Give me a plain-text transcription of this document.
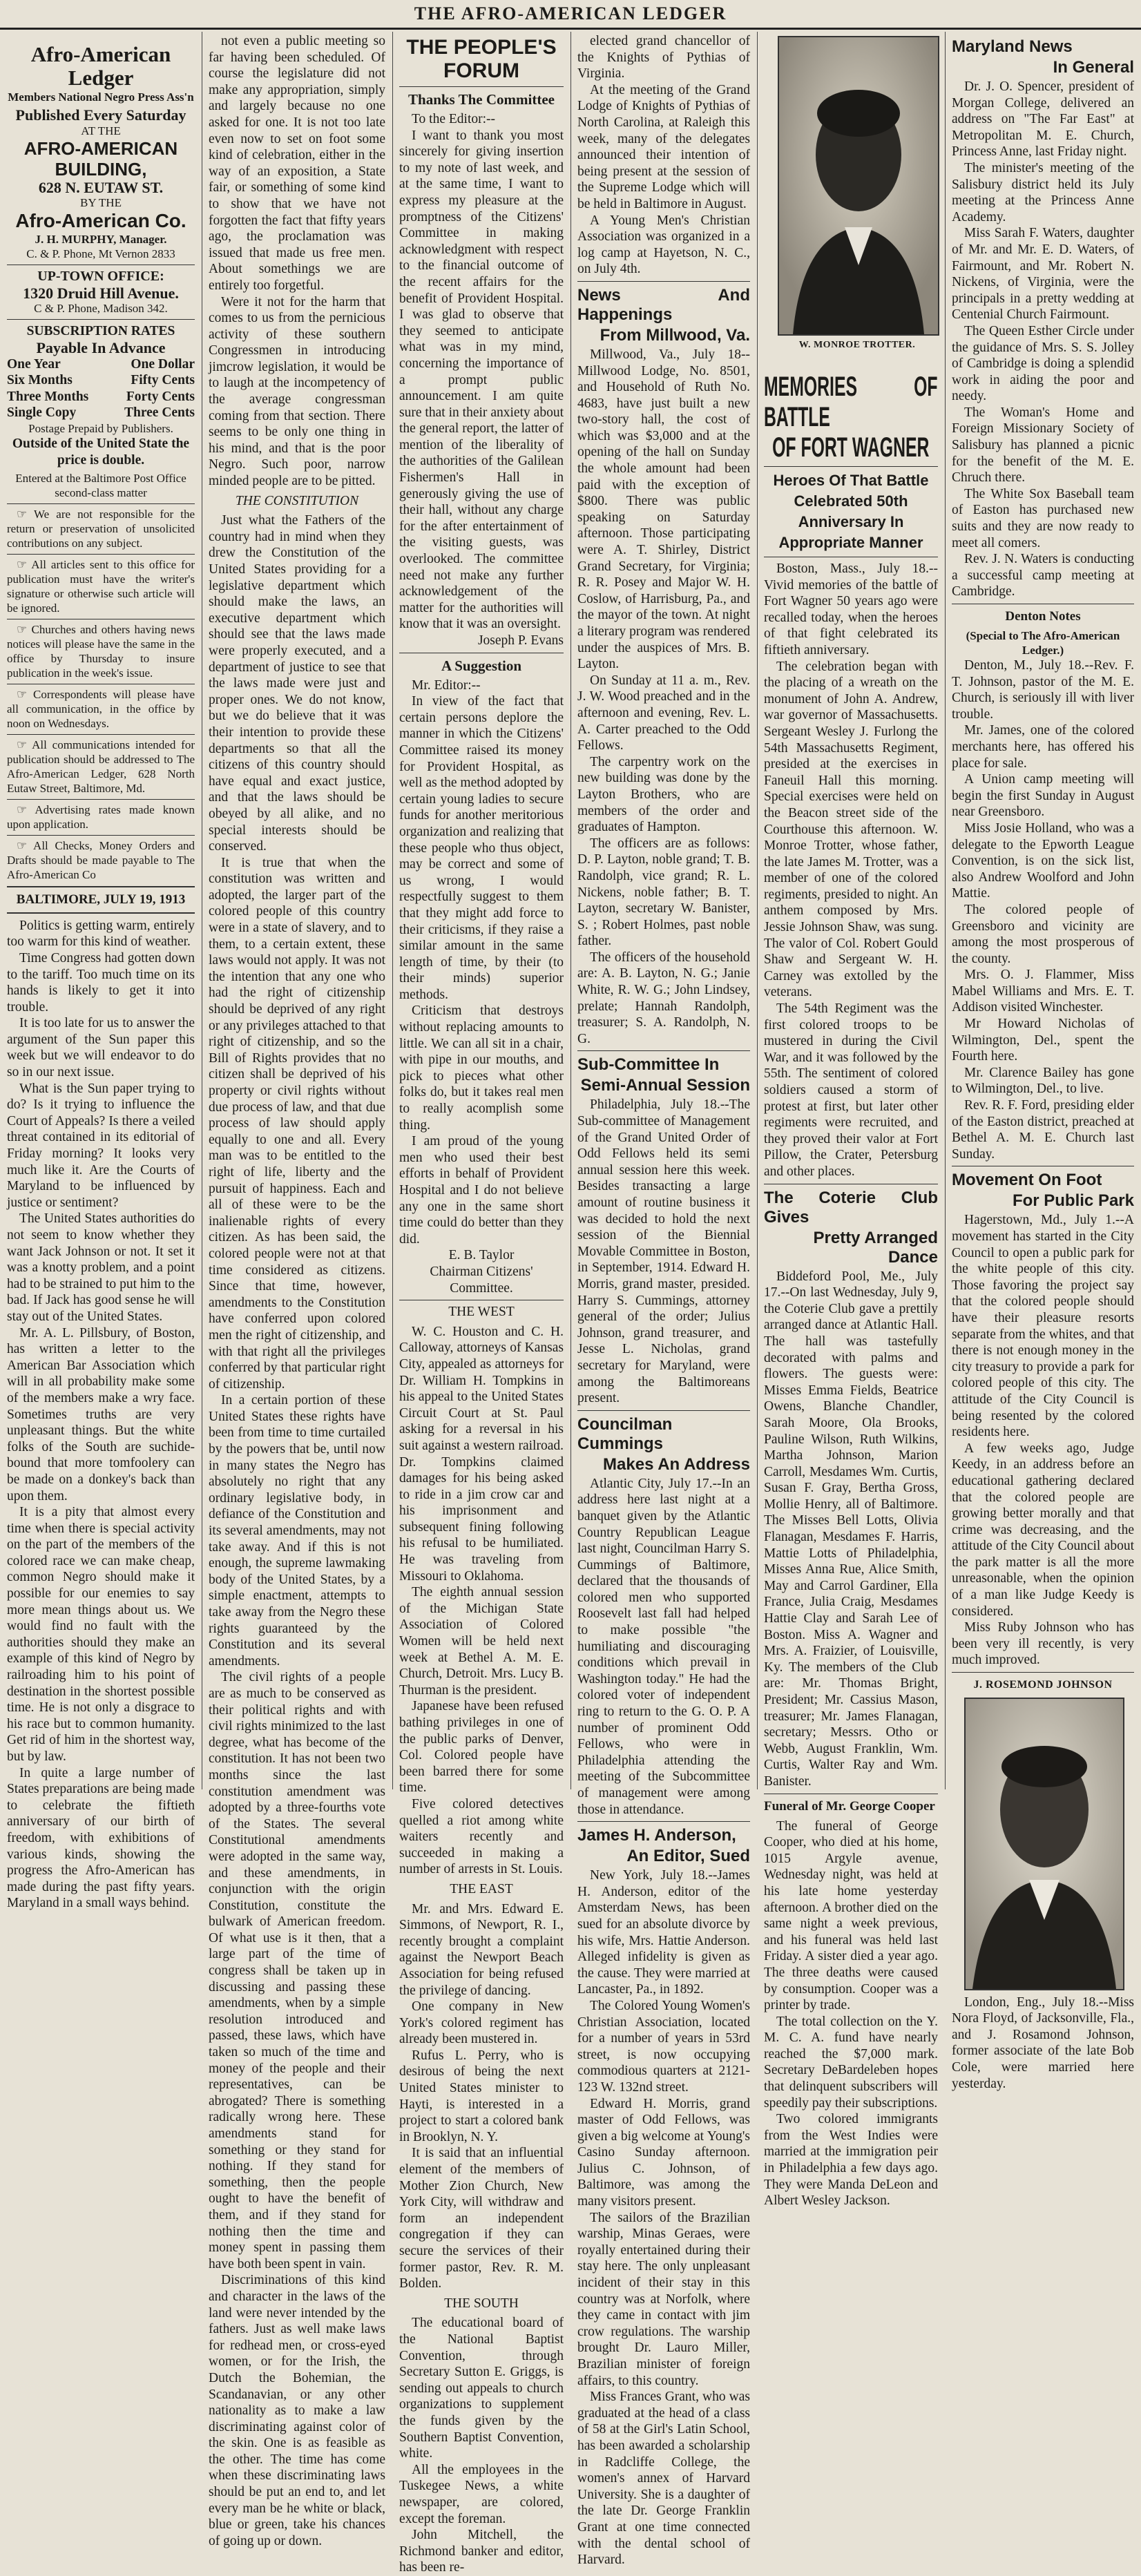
THE AFRO-AMERICAN LEDGER
Afro-American Ledger
Members National Negro Press Ass'n
Published Every Saturday
AT THE
AFRO-AMERICAN BUILDING,
628 N. EUTAW ST.
BY THE
Afro-American Co.
J. H. MURPHY, Manager.
C. & P. Phone, Mt Vernon 2833
UP-TOWN OFFICE:
1320 Druid Hill Avenue.
C & P. Phone, Madison 342.
SUBSCRIPTION RATES
Payable In Advance
One Year	One Dollar
Six Months	Fifty Cents
Three Months	Forty Cents
Single Copy	Three Cents
Postage Prepaid by Publishers.
Outside of the United State the price is double.
Entered at the Baltimore Post Office second-class matter

☞ We are not responsible for the return or preservation of unsolicited contributions on any subject.

☞ All articles sent to this office for publication must have the writer's signature or otherwise such article will be ignored.

☞ Churches and others having news notices will please have the same in the office by Thursday to insure publication in the week's issue.

☞ Correspondents will please have all communication, in the office by noon on Wednesdays.

☞ All communications intended for publication should be addressed to The Afro-American Ledger, 628 North Eutaw Street, Baltimore, Md.

☞ Advertising rates made known upon application.

☞ All Checks, Money Orders and Drafts should be made payable to The Afro-American Co

BALTIMORE, JULY 19, 1913

Politics is getting warm, entirely too warm for this kind of weather.

Time Congress had gotten down to the tariff. Too much time on its hands is likely to get it into trouble.

It is too late for us to answer the argument of the Sun paper this week but we will endeavor to do so in our next issue.

What is the Sun paper trying to do? Is it trying to influence the Court of Appeals? Is there a veiled threat contained in its editorial of Friday morning? It looks very much like it. Are the Courts of Maryland to be influenced by justice or sentiment?

The United States authorities do not seem to know whether they want Jack Johnson or not. It set it was a knotty problem, and a point had to be strained to put him to the bad. If Jack has good sense he will stay out of the United States.

Mr. A. L. Pillsbury, of Boston, has written a letter to the American Bar Association which will in all probability make some of the members make a wry face. Sometimes truths are very unpleasant things. But the white folks of the South are suchide-bound that more tomfoolery can be made on a donkey's back than upon them.

It is a pity that almost every time when there is special activity on the part of the members of the colored race we can make cheap, common Negro should make it possible for our enemies to say more mean things about us. We would find no fault with the authorities should they make an example of this kind of Negro by railroading him to his point of destination in the shortest possible time. He is not only a disgrace to his race but to common humanity. Get rid of him in the shortest way, but by law.

In quite a large number of States preparations are being made to celebrate the fiftieth anniversary of our birth of freedom, with exhibitions of various kinds, showing the progress the Afro-American has made during the past fifty years. Maryland in a small ways behind.

not even a public meeting so far having been scheduled. Of course the legislature did not make any appropriation, simply and largely because no one asked for one. It is not too late even now to set on foot some kind of celebration, either in the way of an exposition, a State fair, or something of some kind to show that we have not forgotten the fact that fifty years ago, the proclamation was issued that made us free men. About somethings we are entirely too forgetful.

Were it not for the harm that comes to us from the pernicious activity of these southern Congressmen in introducing jimcrow legislation, it would be to laugh at the incompetency of the average congressman coming from that section. There seems to be only one thing in his mind, and that is the poor Negro. Such poor, narrow minded people are to be pitted.

THE CONSTITUTION

Just what the Fathers of the country had in mind when they drew the Constitution of the United States providing for a legislative department which should make the laws, an executive department which should see that the laws made were properly executed, and a department of justice to see that the laws made were just and proper ones. We do not know, but we do believe that it was their intention to provide these departments so that all the citizens of this country should have equal and exact justice, and that the laws should be obeyed by all alike, and no special interests should be conserved.

It is true that when the constitution was written and adopted, the larger part of the colored people of this country were in a state of slavery, and to them, to a certain extent, these laws would not apply. It was not the intention that any one who had the right of citizenship should be deprived of any right or any privileges attached to that right of citizenship, and so the Bill of Rights provides that no citizen shall be deprived of his property or civil rights without due process of law, and that due process of law should apply equally to one and all. Every man was to be entitled to the right of life, liberty and the pursuit of happiness. Each and all of these were to be the inalienable rights of every citizen. As has been said, the colored people were not at that time considered as citizens. Since that time, however, amendments to the Constitution have conferred upon colored men the right of citizenship, and with that right all the privileges conferred by that particular right of citizenship.

In a certain portion of these United States these rights have been from time to time curtailed by the powers that be, until now in many states the Negro has absolutely no right that any ordinary legislative body, in defiance of the Constitution and its several amendments, may not take away. And if this is not enough, the supreme lawmaking body of the United States, by a simple enactment, attempts to take away from the Negro these rights guaranteed by the Constitution and its several amendments.

The civil rights of a people are as much to be conserved as their political rights and with civil rights minimized to the last degree, what has become of the constitution. It has not been two months since the last constitution amendment was adopted by a three-fourths vote of the States. The several Constitutional amendments were adopted in the same way, and these amendments, in conjunction with the origin Constitution, constitute the bulwark of American freedom. Of what use is it then, that a large part of the time of congress shall be taken up in discussing and passing these amendments, when by a simple resolution introduced and passed, these laws, which have taken so much of the time and money of the people and their representatives, can be abrogated? There is something radically wrong here. These amendments stand for something or they stand for nothing. If they stand for something, then the people ought to have the benefit of them, and if they stand for nothing then the time and money spent in passing them have both been spent in vain.

Discriminations of this kind and character in the laws of the land were never intended by the fathers. Just as well make laws for redhead men, or cross-eyed women, or for the Irish, the Dutch the Bohemian, the Scandanavian, or any other nationality as to make a law discriminating against color of the skin. One is as feasible as the other. The time has come when these discriminating laws should be put an end to, and let every man be he white or black, blue or green, take his chances of going up or down.

THE PEOPLE'S FORUM
Thanks The Committee

To the Editor:--

I want to thank you most sincerely for giving insertion to my note of last week, and at the same time, I want to express my pleasure at the promptness of the Citizens' Committee in making acknowledgment with respect to the financial outcome of the recent affairs for the benefit of Provident Hospital. I was glad to observe that they seemed to anticipate what was in my mind, concerning the importance of a prompt public announcement. I am quite sure that in their anxiety about the general report, the latter of mention of the liberality of the authorities of the Galilean Fishermen's Hall in generously giving the use of their hall, without any charge for the after entertainment of the visiting guests, was overlooked. The committee need not make any further acknowledgement of the matter for the authorities will know that it was an oversight.

Joseph P. Evans
A Suggestion

Mr. Editor:--

In view of the fact that certain persons deplore the manner in which the Citizens' Committee raised its money for Provident Hospital, as well as the method adopted by certain young ladies to secure funds for another meritorious organization and realizing that these people who thus object, may be correct and some of us wrong, I would respectfully suggest to them that they might add force to their criticisms, if they raise a similar amount in the same length of time, by their (to their minds) superior methods.

Criticism that destroys without replacing amounts to little. We can all sit in a chair, with pipe in our mouths, and pick to pieces what other folks do, but it takes real men to really acomplish some thing.

I am proud of the young men who used their best efforts in behalf of Provident Hospital and I do not believe any one in the same short time could do better than they did.

E. B. Taylor
Chairman Citizens' Committee.
THE WEST

W. C. Houston and C. H. Calloway, attorneys of Kansas City, appealed as attorneys for Dr. William H. Tompkins in his appeal to the United States Circuit Court at St. Paul asking for a reversal in his suit against a western railroad. Dr. Tompkins claimed damages for his being asked to ride in a jim crow car and his imprisonment and subsequent fining following his refusal to be humiliated. He was traveling from Missouri to Oklahoma.

The eighth annual session of the Michigan State Association of Colored Women will be held next week at Bethel A. M. E. Church, Detroit. Mrs. Lucy B. Thurman is the president.

Japanese have been refused bathing privileges in one of the public parks of Denver, Col. Colored people have been barred there for some time.

Five colored detectives quelled a riot among white waiters recently and succeeded in making a number of arrests in St. Louis.

THE EAST

Mr. and Mrs. Edward E. Simmons, of Newport, R. I., recently brought a complaint against the Newport Beach Association for being refused the privilege of dancing.

One company in New York's colored regiment has already been mustered in.

Rufus L. Perry, who is desirous of being the next United States minister to Hayti, is interested in a project to start a colored bank in Brooklyn, N. Y.

It is said that an influential element of the members of Mother Zion Church, New York City, will withdraw and form an independent congregation if they can secure the services of their former pastor, Rev. R. M. Bolden.

THE SOUTH

The educational board of the National Baptist Convention, through Secretary Sutton E. Griggs, is sending out appeals to church organizations to supplement the funds given by the Southern Baptist Convention, white.

All the employees in the Tuskegee News, a white newspaper, are colored, except the foreman.

John Mitchell, the Richmond banker and editor, has been re-

elected grand chancellor of the Knights of Pythias of Virginia.

At the meeting of the Grand Lodge of Knights of Pythias of North Carolina, at Raleigh this week, many of the delegates announced their intention of being present at the session of the Supreme Lodge which will be held in Baltimore in August.

A Young Men's Christian Association was organized in a log camp at Hayetson, N. C., on July 4th.

News And Happenings
From Millwood, Va.

Millwood, Va., July 18--Millwood Lodge, No. 8501, and Household of Ruth No. 4683, have just built a new two-story hall, the cost of which was $3,000 and at the opening of the hall on Sunday the whole amount had been paid with the exception of $800. There was public speaking on Saturday afternoon. Those participating were A. T. Shirley, District Grand Secretary, for Virginia; R. R. Posey and Major W. H. Coslow, of Harrisburg, Pa., and the mayor of the town. At night a literary program was rendered under the auspices of Mrs. B. Layton.

On Sunday at 11 a. m., Rev. J. W. Wood preached and in the afternoon and evening, Rev. L. A. Carter preached to the Odd Fellows.

The carpentry work on the new building was done by the Layton Brothers, who are members of the order and graduates of Hampton.

The officers are as follows: D. P. Layton, noble grand; T. B. Randolph, vice grand; R. L. Nickens, noble father; B. T. Layton, secretary W. Banister, S. ; Robert Holmes, past noble father.

The officers of the household are: A. B. Layton, N. G.; Janie White, R. W. G.; John Lindsey, prelate; Hannah Randolph, treasurer; S. A. Randolph, N. G.

Sub-Committee In
Semi-Annual Session

Philadelphia, July 18.--The Sub-committee of Management of the Grand United Order of Odd Fellows held its semi annual session here this week. Besides transacting a large amount of routine business it was decided to hold the next session of the Biennial Movable Committee in Boston, in September, 1914. Edward H. Morris, grand master, presided. Harry S. Cummings, attorney general of the order; Julius Johnson, grand treasurer, and Jesse L. Nicholas, grand secretary for Maryland, were among the Baltimoreans present.

Councilman Cummings
Makes An Address

Atlantic City, July 17.--In an address here last night at a banquet given by the Atlantic Country Republican League last night, Councilman Harry S. Cummings of Baltimore, declared that the thousands of colored men who supported Roosevelt last fall had helped to make possible "the humiliating and discouraging conditions which prevail in Washington today." He had the colored voter of independent ring to return to the G. O. P. A number of prominent Odd Fellows, who were in Philadelphia attending the meeting of the Subcommittee of management were among those in attendance.

James H. Anderson,
An Editor, Sued

New York, July 18.--James H. Anderson, editor of the Amsterdam News, has been sued for an absolute divorce by his wife, Mrs. Hattie Anderson. Alleged infidelity is given as the cause. They were married at Lancaster, Pa., in 1892.

The Colored Young Women's Christian Association, located for a number of years in 53rd street, is now occupying commodious quarters at 2121-123 W. 132nd street.

Edward H. Morris, grand master of Odd Fellows, was given a big welcome at Young's Casino Sunday afternoon. Julius C. Johnson, of Baltimore, was among the many visitors present.

The sailors of the Brazilian warship, Minas Geraes, were royally entertained during their stay here. The only unpleasant incident of their stay in this country was at Norfolk, where they came in contact with jim crow regulations. The warship brought Dr. Lauro Miller, Brazilian minister of foreign affairs, to this country.

Miss Frances Grant, who was graduated at the head of a class of 58 at the Girl's Latin School, has been awarded a scholarship in Radcliffe College, the women's annex of Harvard University. She is a daughter of the late Dr. George Franklin Grant at one time connected with the dental school of Harvard.

W. MONROE TROTTER.
MEMORIES OF BATTLE
OF FORT WAGNER
Heroes Of That Battle Celebrated 50th Anniversary In Appropriate Manner

Boston, Mass., July 18.--Vivid memories of the battle of Fort Wagner 50 years ago were recalled today, when the heroes of that fight celebrated its fiftieth anniversary.

The celebration began with the placing of a wreath on the monument of John A. Andrew, war governor of Massachusetts. Sergeant Wesley J. Furlong the 54th Massachusetts Regiment, presided at the exercises in Faneuil Hall this morning. Special exercises were held on the Beacon street side of the Courthouse this afternoon. W. Monroe Trotter, whose father, the late James M. Trotter, was a member of one of the colored regiments, presided to night. An anthem composed by Mrs. Jessie Johnson Shaw, was sung. The valor of Col. Robert Gould Shaw and Sergeant W. H. Carney was extolled by the veterans.

The 54th Regiment was the first colored troops to be mustered in during the Civil War, and it was followed by the 55th. The sentiment of colored soldiers caused a storm of protest at first, but later other regiments were recruited, and they proved their valor at Fort Pillow, the Crater, Petersburg and other places.

The Coterie Club Gives
Pretty Arranged Dance

Biddeford Pool, Me., July 17.--On last Wednesday, July 9, the Coterie Club gave a prettily arranged dance at Atlantic Hall. The hall was tastefully decorated with palms and flowers. The guests were: Misses Emma Fields, Beatrice Owens, Blanche Chandler, Sarah Moore, Ola Brooks, Pauline Wilson, Ruth Wilkins, Martha Johnson, Marion Carroll, Mesdames Wm. Curtis, Susan F. Gray, Bertha Gross, Mollie Henry, all of Baltimore. The Misses Bell Lotts, Olivia Flanagan, Mesdames F. Harris, Mattie Lotts of Philadelphia, Misses Anna Rue, Alice Smith, May and Carrol Gardiner, Ella France, Julia Craig, Mesdames Hattie Clay and Sarah Lee of Boston. Miss A. Wagner and Mrs. A. Fraizier, of Louisville, Ky. The members of the Club are: Mr. Thomas Bright, President; Mr. Cassius Mason, treasurer; Mr. James Flanagan, secretary; Messrs. Otho or Webb, August Franklin, Wm. Curtis, Walter Ray and Wm. Banister.

Funeral of Mr. George Cooper

The funeral of George Cooper, who died at his home, 1015 Argyle avenue, Wednesday night, was held at his late home yesterday afternoon. A brother died on the same night a week previous, and his funeral was held last Friday. A sister died a year ago. The three deaths were caused by consumption. Cooper was a printer by trade.

The total collection on the Y. M. C. A. fund have nearly reached the $7,000 mark. Secretary DeBardeleben hopes that delinquent subscribers will speedily pay their subscriptions.

Two colored immigrants from the West Indies were married at the immigration peir in Philadelphia a few days ago. They were Manda DeLeon and Albert Wesley Jackson.

Maryland News
In General

Dr. J. O. Spencer, president of Morgan College, delivered an address on "The Far East" at Metropolitan M. E. Church, Princess Anne, last Friday night.

The minister's meeting of the Salisbury district held its July meeting at the Princess Anne Academy.

Miss Sarah F. Waters, daughter of Mr. and Mr. E. D. Waters, of Fairmount, and Mr. Robert N. Nickens, of Virginia, were the principals in a pretty wedding at Centenial Church Fairmount.

The Queen Esther Circle under the guidance of Mrs. S. S. Jolley of Cambridge is doing a splendid work in aiding the poor and needy.

The Woman's Home and Foreign Missionary Society of Salisbury has planned a picnic for the benefit of the M. E. Chruch there.

The White Sox Baseball team of Easton has purchased new suits and they are now ready to meet all comers.

Rev. J. N. Waters is conducting a successful camp meeting at Cambridge.

Denton Notes
(Special to The Afro-American Ledger.)

Denton, M., July 18.--Rev. F. T. Johnson, pastor of the M. E. Church, is seriously ill with liver trouble.

Mr. James, one of the colored merchants here, has offered his place for sale.

A Union camp meeting will begin the first Sunday in August near Greensboro.

Miss Josie Holland, who was a delegate to the Epworth League Convention, is on the sick list, also Andrew Woolford and John Mattie.

The colored people of Greensboro and vicinity are among the most prosperous of the county.

Mrs. O. J. Flammer, Miss Mabel Williams and Mrs. E. T. Addison visited Winchester.

Mr Howard Nicholas of Wilmington, Del., spent the Fourth here.

Mr. Clarence Bailey has gone to Wilmington, Del., to live.

Rev. R. F. Ford, presiding elder of the Easton district, preached at Bethel A. M. E. Church last Sunday.

Movement On Foot
For Public Park

Hagerstown, Md., July 1.--A movement has started in the City Council to open a public park for the white people of this city. Those favoring the project say that the colored people should have their pleasure resorts separate from the whites, and that there is not enough money in the city treasury to provide a park for colored people of this city. The attitude of the City Council is being resented by the colored residents here.

A few weeks ago, Judge Keedy, in an address before an educational gathering declared that the colored people are growing better morally and that crime was decreasing, and the attitude of the City Council about the park matter is all the more unreasonable, when the opinion of a man like Judge Keedy is considered.

Miss Ruby Johnson who has been very ill recently, is very much improved.

J. ROSEMOND JOHNSON

London, Eng., July 18.--Miss Nora Floyd, of Jacksonville, Fla., and J. Rosamond Johnson, former associate of the late Bob Cole, were married here yesterday.
